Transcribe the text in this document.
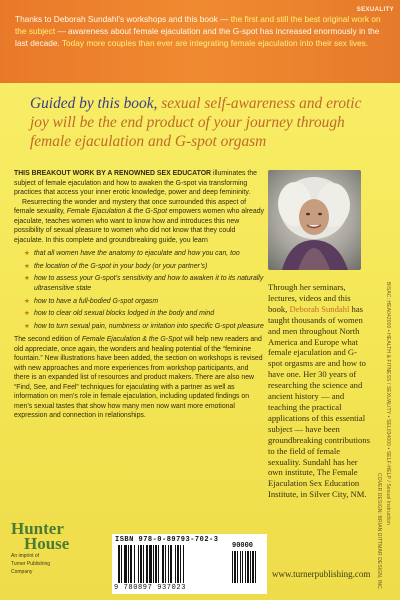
SEXUALITY

Thanks to Deborah Sundahl’s workshops and this book — the first and still the best original work on the subject — awareness about female ejaculation and the G-spot has increased enormously in the last decade. Today more couples than ever are integrating female ejaculation into their sex lives.

Guided by this book, sexual self-awareness and erotic joy will be the end product of your journey through female ejaculation and G-spot orgasm

THIS BREAKOUT WORK BY A RENOWNED SEX EDUCATOR illuminates the subject of female ejaculation and how to awaken the G-spot via transforming practices that access your inner erotic knowledge, power and deep femininity.

Resurrecting the wonder and mystery that once surrounded this aspect of female sexuality, Female Ejaculation & the G-Spot empowers women who already ejaculate, teaches women who want to know how and introduces this new possibility of sexual pleasure to women who did not know that they could ejaculate. In this complete and groundbreaking guide, you learn

★ that all women have the anatomy to ejaculate and how you can, too
★ the location of the G-spot in your body (or your partner’s)
★ how to assess your G-spot’s sensitivity and how to awaken it to its naturally ultrasensitive state
★ how to have a full-bodied G-spot orgasm
★ how to clear old sexual blocks lodged in the body and mind
★ how to turn sexual pain, numbness or irritation into specific G-spot pleasure

The second edition of Female Ejaculation & the G-Spot will help new readers and old appreciate, once again, the wonders and healing potential of the “feminine fountain.” New illustrations have been added, the section on workshops is revised with new approaches and more experiences from workshop participants, and there is an expanded list of resources and product makers. There are also new “Find, See, and Feel” techniques for ejaculating with a partner as well as information on men’s role in female ejaculation, including updated findings on men’s sexual tastes that show how many men now want more emotional expression and connection in relationships.

Through her seminars, lectures, videos and this book, Deborah Sundahl has taught thousands of women and men throughout North America and Europe what female ejaculation and G-spot orgasms are and how to have one. Her 30 years of researching the science and ancient history — and teaching the practical applications of this essential subject — have been groundbreaking contributions to the field of female sexuality. Sundahl has her own institute, The Female Ejaculation Sex Education Institute, in Silver City, NM.	BISAC: HEA042000 • HEALTH & FITNESS / SEXUALITY • SEL034000 • SELF-HELP / Sexual Instruction
COVER DESIGN: BRIAN DITTMAR DESIGN, INC.
Hunter
House
An imprint of
Turner Publishing
Company
ISBN 978-0-89793-702-3
90000
9 780897 937023
www.turnerpublishing.com
